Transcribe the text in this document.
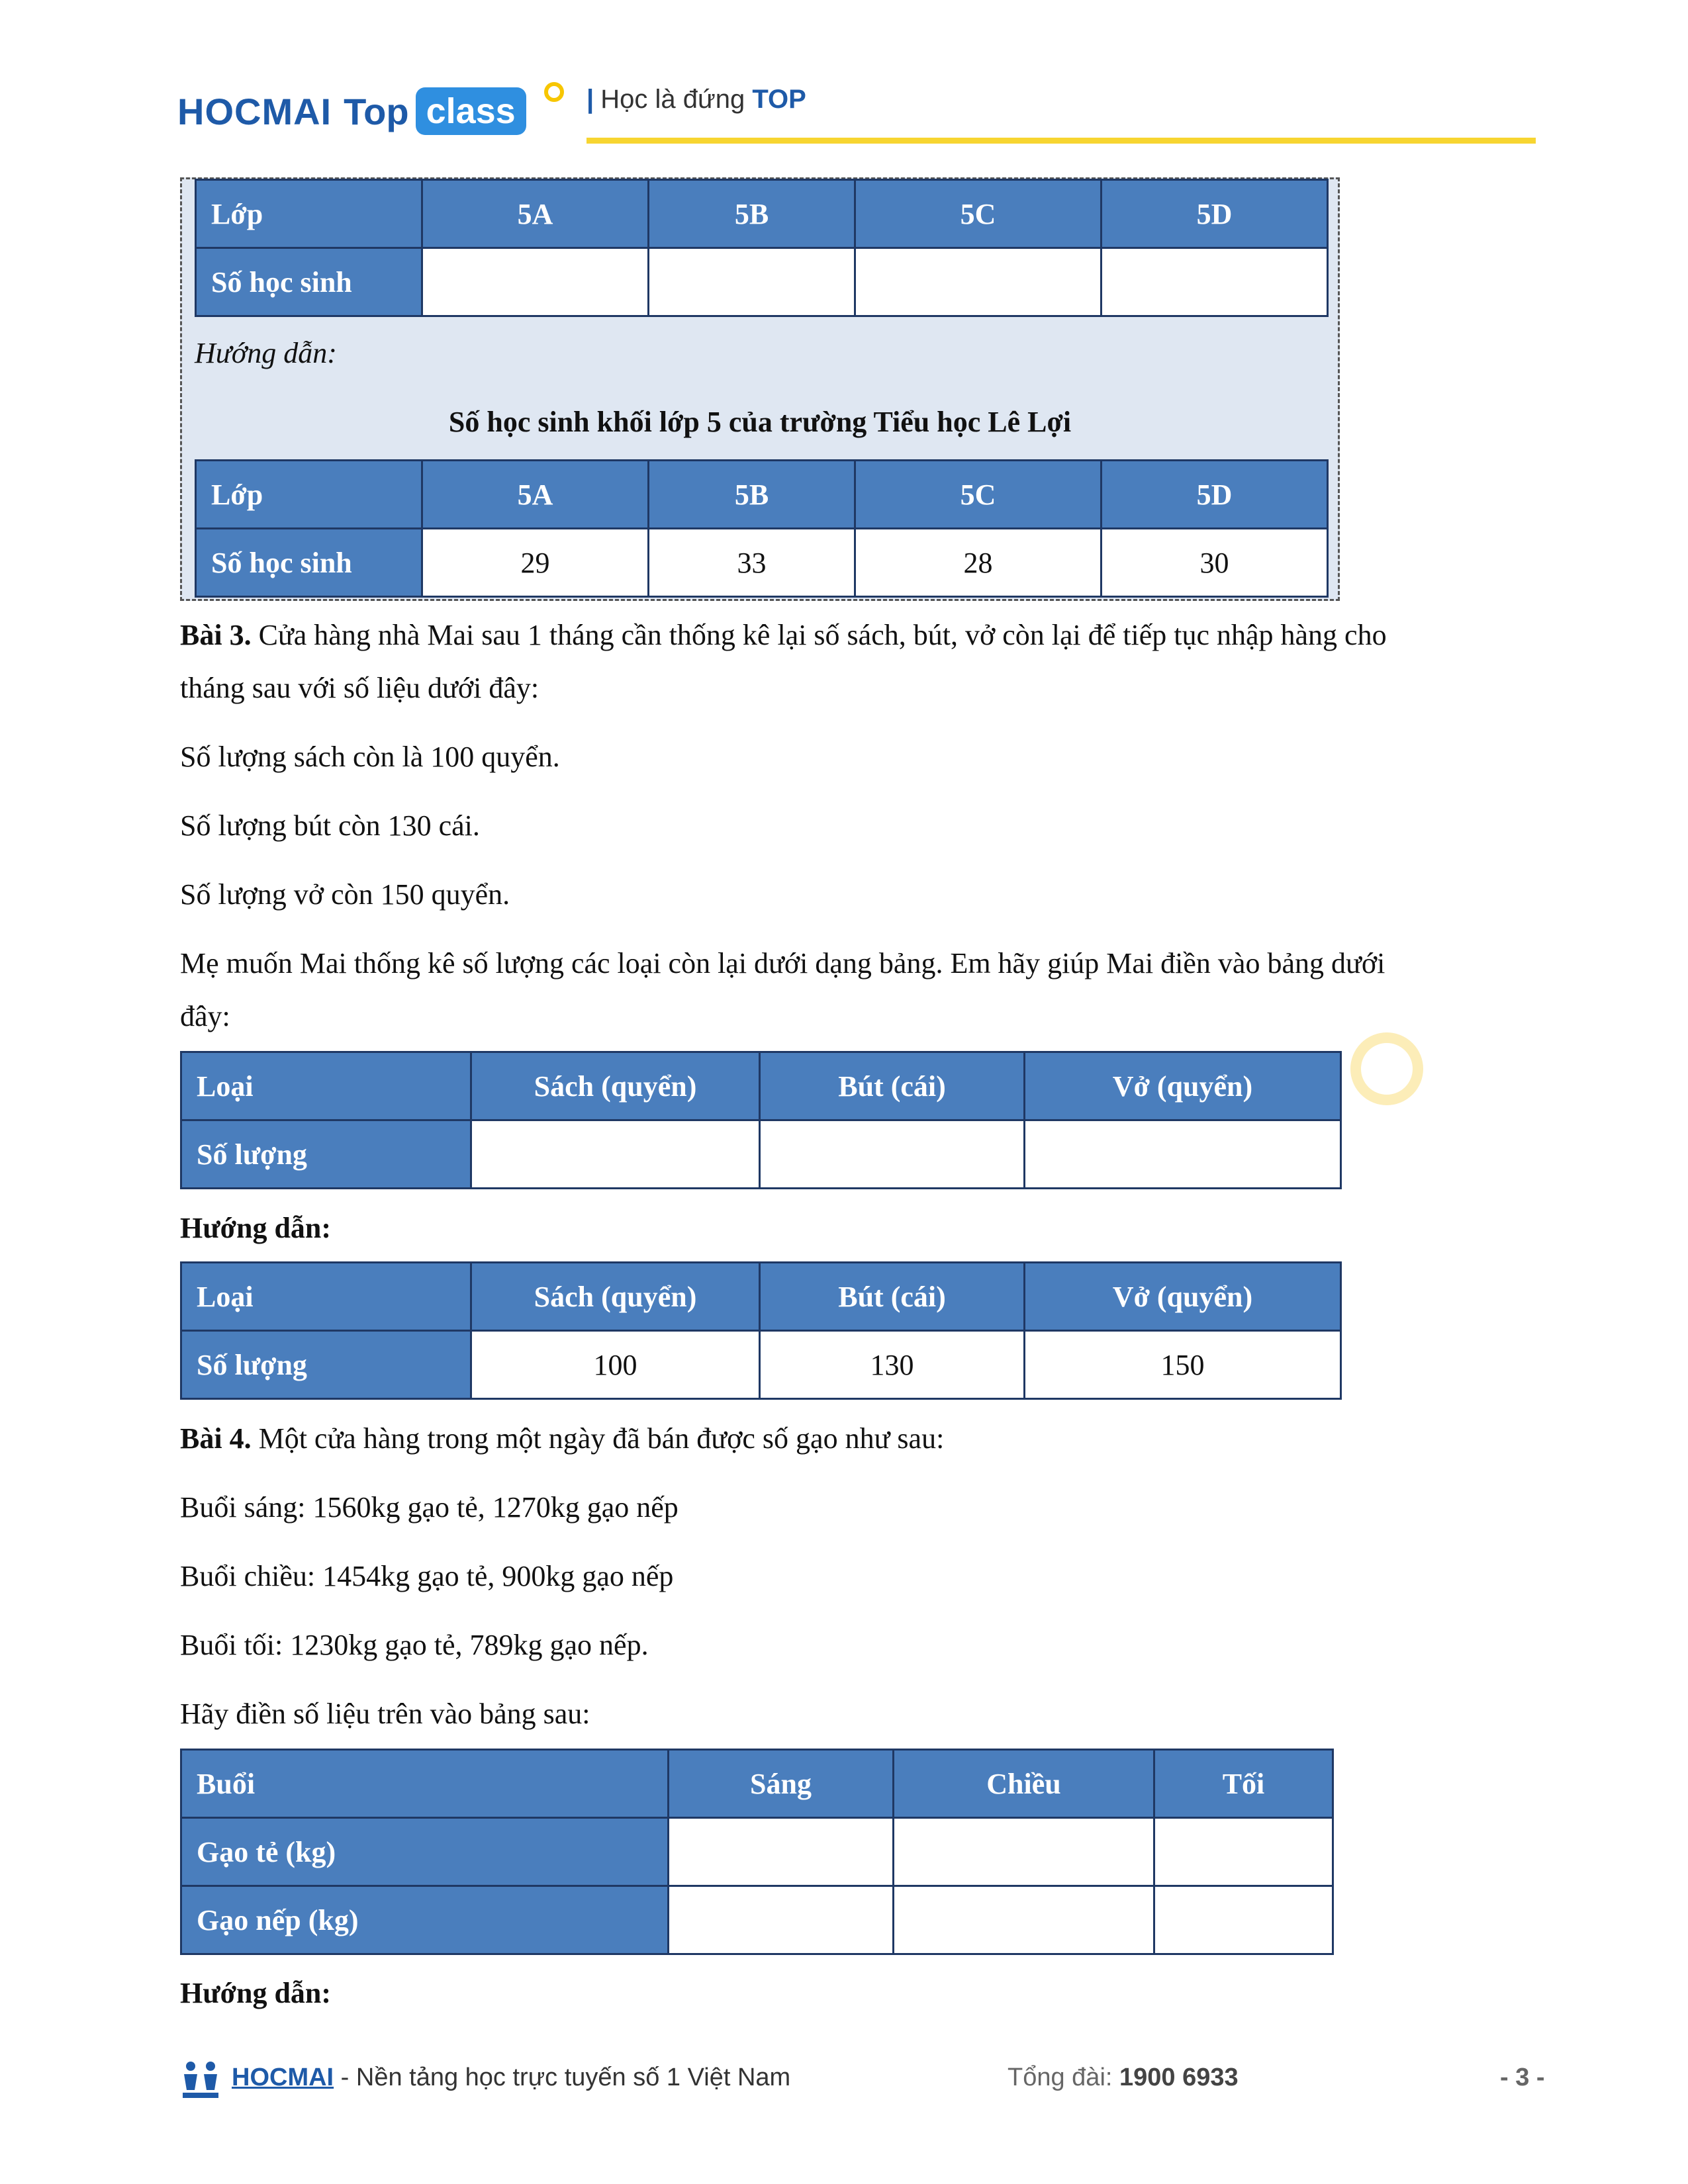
HOCMAI Top class	| Học là đứng TOP
Lớp	5A	5B	5C	5D
Số học sinh				
Hướng dẫn:
Số học sinh khối lớp 5 của trường Tiểu học Lê Lợi
Lớp	5A	5B	5C	5D
Số học sinh	29	33	28	30
Bài 3. Cửa hàng nhà Mai sau 1 tháng cần thống kê lại số sách, bút, vở còn lại để tiếp tục nhập hàng cho
tháng sau với số liệu dưới đây:
Số lượng sách còn là 100 quyển.
Số lượng bút còn 130 cái.
Số lượng vở còn 150 quyển.
Mẹ muốn Mai thống kê số lượng các loại còn lại dưới dạng bảng. Em hãy giúp Mai điền vào bảng dưới
đây:
Loại	Sách (quyển)	Bút (cái)	Vở (quyển)
Số lượng			
Hướng dẫn:
Loại	Sách (quyển)	Bút (cái)	Vở (quyển)
Số lượng	100	130	150
Bài 4. Một cửa hàng trong một ngày đã bán được số gạo như sau:
Buổi sáng: 1560kg gạo tẻ, 1270kg gạo nếp
Buổi chiều: 1454kg gạo tẻ, 900kg gạo nếp
Buổi tối: 1230kg gạo tẻ, 789kg gạo nếp.
Hãy điền số liệu trên vào bảng sau:
Buổi	Sáng	Chiều	Tối
Gạo tẻ (kg)			
Gạo nếp (kg)			
Hướng dẫn:
HOCMAI - Nền tảng học trực tuyến số 1 Việt Nam	Tổng đài: 1900 6933	- 3 -
